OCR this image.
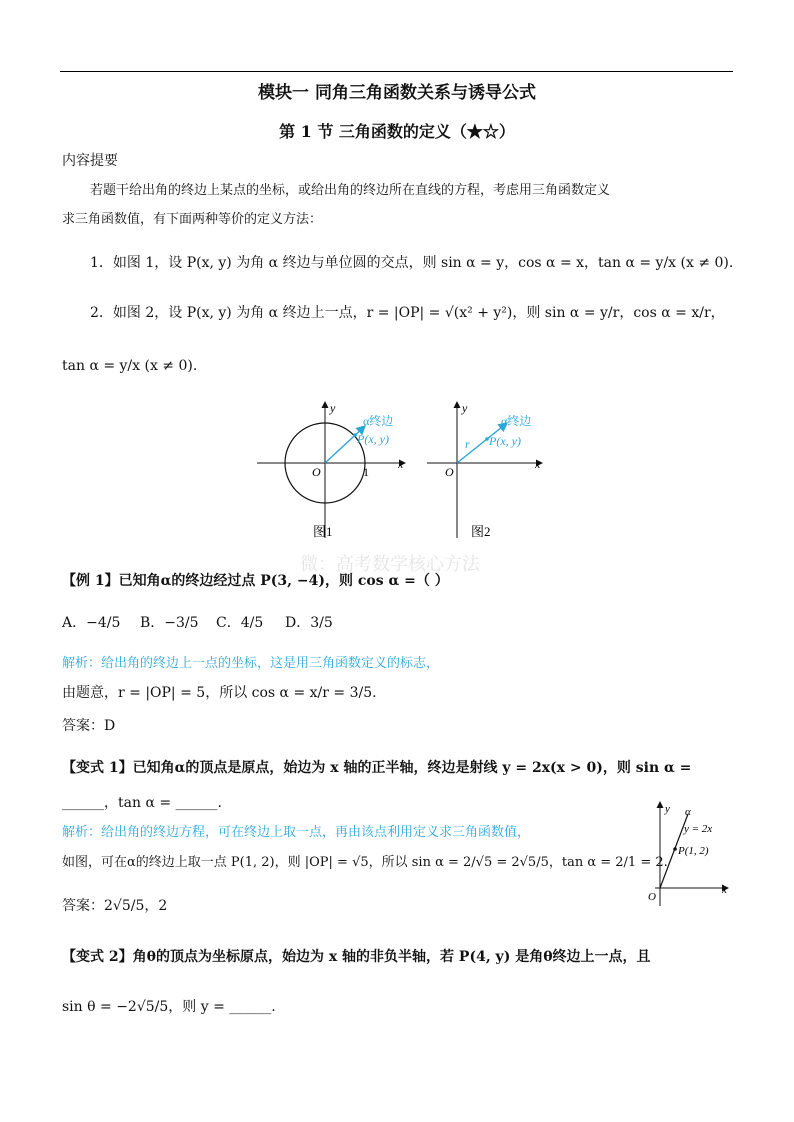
模块一 同角三角函数关系与诱导公式
第 1 节 三角函数的定义（★☆）
内容提要
若题干给出角的终边上某点的坐标，或给出角的终边所在直线的方程，考虑用三角函数定义
求三角函数值，有下面两种等价的定义方法：
1．如图 1，设 P(x, y) 为角 α 终边与单位圆的交点，则 sin α = y，cos α = x，tan α = y/x (x ≠ 0).
2．如图 2，设 P(x, y) 为角 α 终边上一点，r = |OP| = √(x² + y²)，则 sin α = y/r，cos α = x/r，
tan α = y/x (x ≠ 0).
x
y
O	1
α终边
P(x, y)
图1
x
y
O
r
α终边
P(x, y)
图2
微：高考数学核心方法
【例 1】已知角α的终边经过点 P(3, −4)，则 cos α =（ ）
A．−4/5 B．−3/5 C．4/5 D．3/5
解析：给出角的终边上一点的坐标，这是用三角函数定义的标志，
由题意，r = |OP| = 5，所以 cos α = x/r = 3/5.
答案：D
【变式 1】已知角α的顶点是原点，始边为 x 轴的正半轴，终边是射线 y = 2x(x > 0)，则 sin α =
______，tan α = ______.
解析：给出角的终边方程，可在终边上取一点，再由该点利用定义求三角函数值，
如图，可在α的终边上取一点 P(1, 2)，则 |OP| = √5，所以 sin α = 2/√5 = 2√5/5，tan α = 2/1 = 2.
答案：2√5/5，2
y
x
O
α
y = 2x
P(1, 2)
【变式 2】角θ的顶点为坐标原点，始边为 x 轴的非负半轴，若 P(4, y) 是角θ终边上一点，且
sin θ = −2√5/5，则 y = ______.
